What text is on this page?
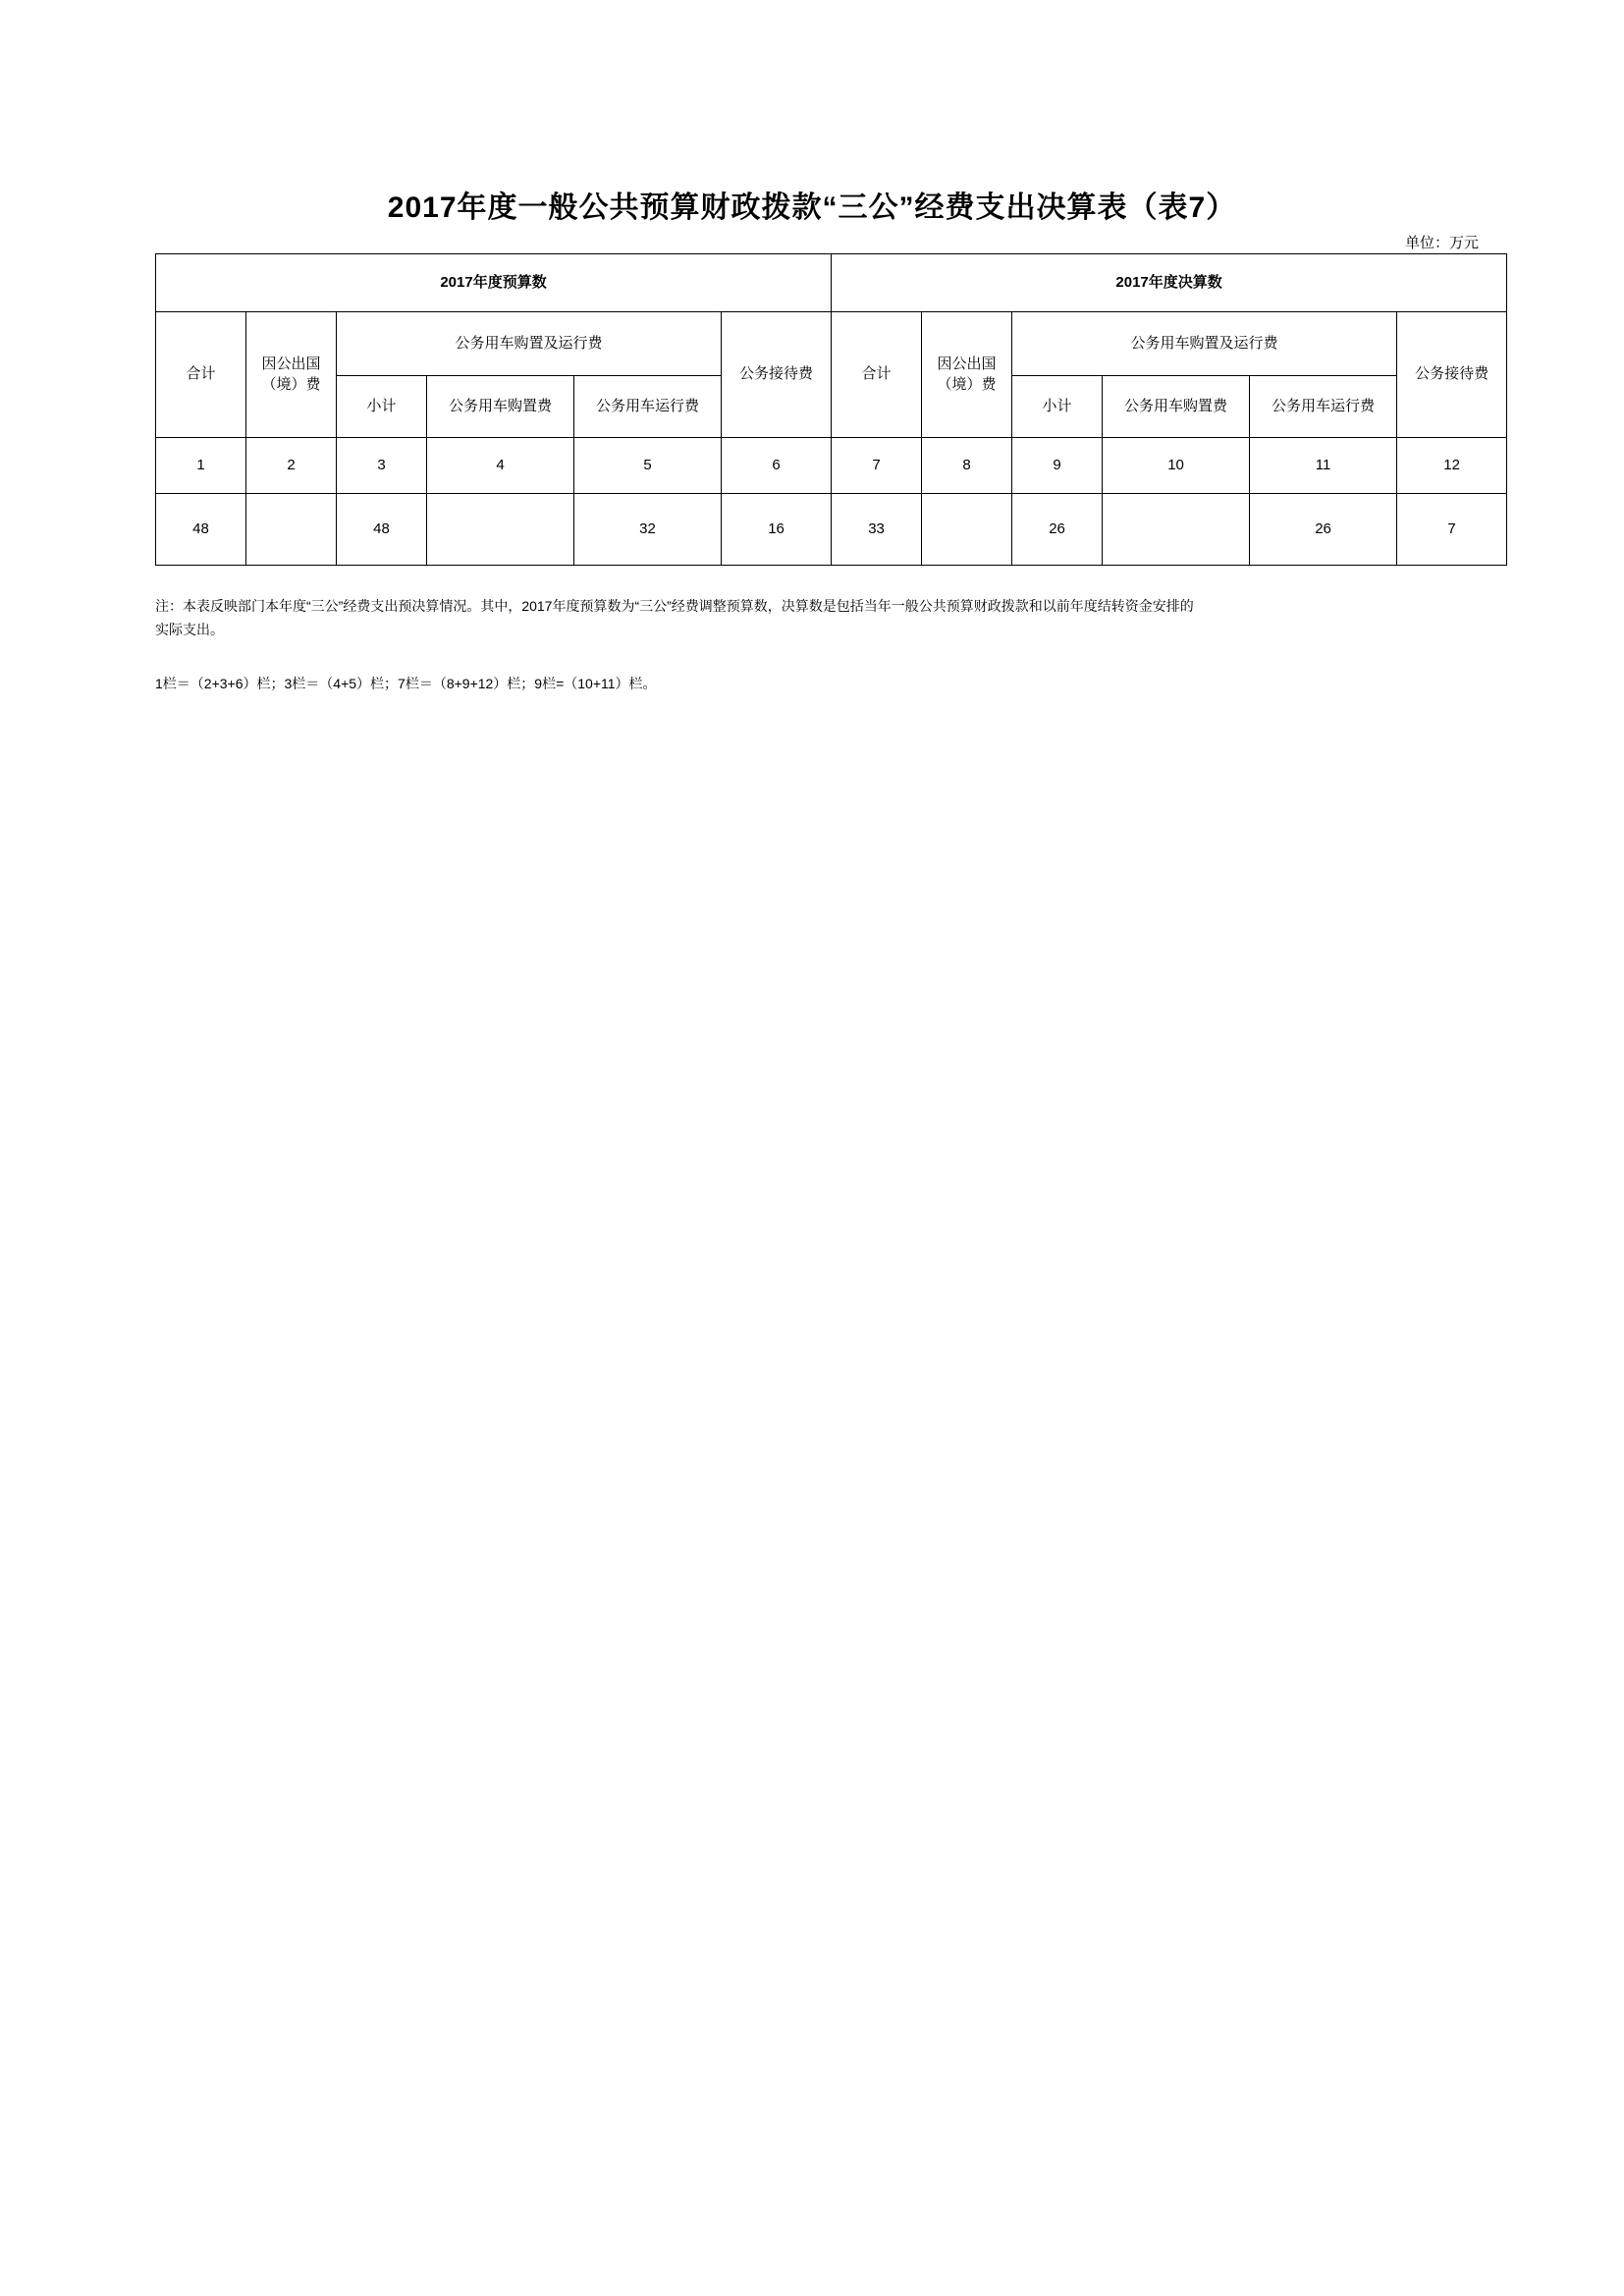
2017年度一般公共预算财政拨款“三公”经费支出决算表（表7）
单位：万元
2017年度预算数						2017年度决算数					
合计	因公出国（境）费	公务用车购置及运行费			公务接待费	合计	因公出国（境）费	公务用车购置及运行费			公务接待费
		小计	公务用车购置费	公务用车运行费				小计	公务用车购置费	公务用车运行费	
1	2	3	4	5	6	7	8	9	10	11	12
48		48		32	16	33		26		26	7
注：本表反映部门本年度“三公”经费支出预决算情况。其中，2017年度预算数为“三公”经费调整预算数，决算数是包括当年一般公共预算财政拨款和以前年度结转资金安排的
实际支出。
1栏＝（2+3+6）栏；3栏＝（4+5）栏；7栏＝（8+9+12）栏；9栏=（10+11）栏。
